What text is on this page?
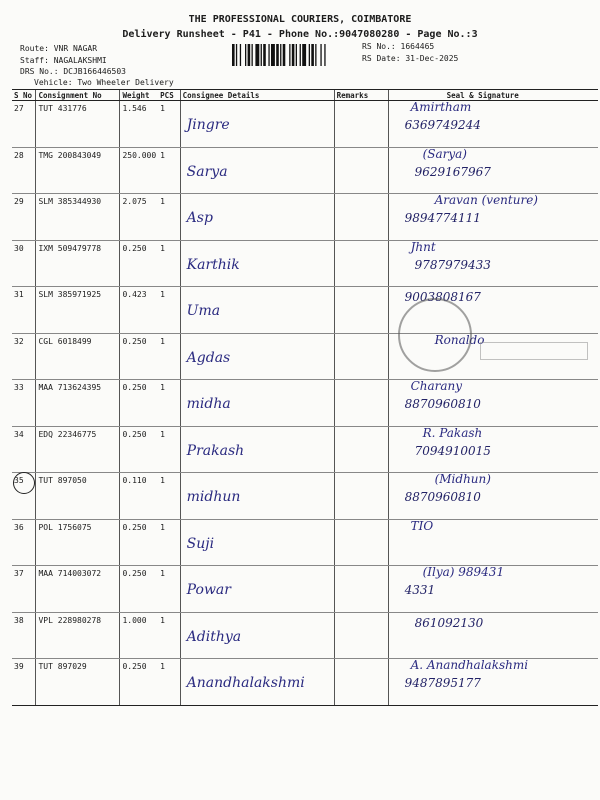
THE PROFESSIONAL COURIERS, COIMBATORE
Delivery Runsheet - P41 - Phone No.:9047080280 - Page No.:3
Route: VNR NAGAR
Staff: NAGALAKSHMI
DRS No.: DCJB166446503
Vehicle: Two Wheeler Delivery
RS No.: 1664465
RS Date: 31-Dec-2025
S No	Consignment No	Weight	PCS	Consignee Details	Remarks	Seal & Signature
27	TUT 431776	1.546	1	Jingre		Amirtham
6369749244

28	TMG 200843049	250.000	1	Sarya		(Sarya)
9629167967

29	SLM 385344930	2.075	1	Asp		Aravan (venture)
9894774111

30	IXM 509479778	0.250	1	Karthik		Jhnt
9787979433

31	SLM 385971925	0.423	1	Uma		9003808167

32	CGL 6018499	0.250	1	Agdas		Ronaldo

33	MAA 713624395	0.250	1	midha		Charany
8870960810

34	EDQ 22346775	0.250	1	Prakash		R. Pakash
7094910015

35	TUT 897050	0.110	1	midhun		(Midhun)
8870960810

36	POL 1756075	0.250	1	Suji		TIO

37	MAA 714003072	0.250	1	Powar		(Ilya) 989431
4331

38	VPL 228980278	1.000	1	Adithya		861092130

39	TUT 897029	0.250	1	Anandhalakshmi		A. Anandhalakshmi
9487895177
